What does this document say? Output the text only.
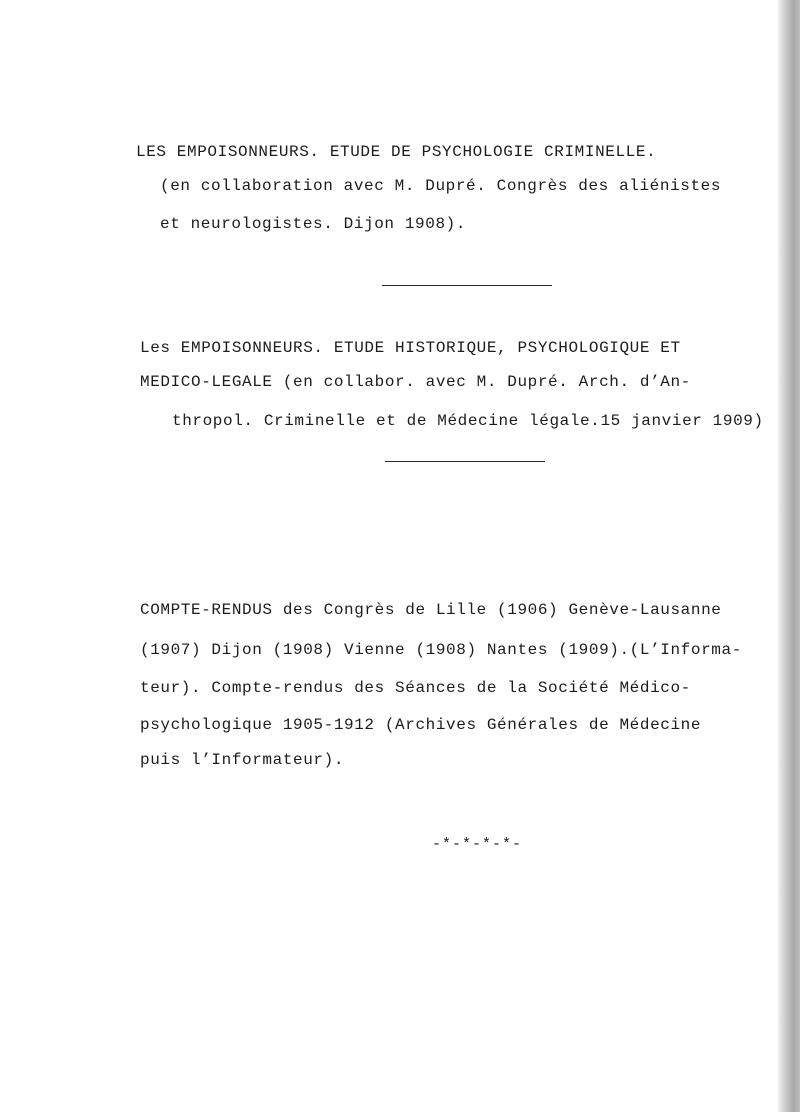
LES EMPOISONNEURS. ETUDE DE PSYCHOLOGIE CRIMINELLE.
(en collaboration avec M. Dupré. Congrès des aliénistes
et neurologistes. Dijon 1908).
Les EMPOISONNEURS. ETUDE HISTORIQUE, PSYCHOLOGIQUE ET
MEDICO-LEGALE (en collabor. avec M. Dupré. Arch. d’An-
thropol. Criminelle et de Médecine légale.15 janvier 1909)
COMPTE-RENDUS des Congrès de Lille (1906) Genève-Lausanne
(1907) Dijon (1908) Vienne (1908) Nantes (1909).(L’Informa-
teur). Compte-rendus des Séances de la Société Médico-
psychologique 1905-1912 (Archives Générales de Médecine
puis l’Informateur).
-*-*-*-*-
